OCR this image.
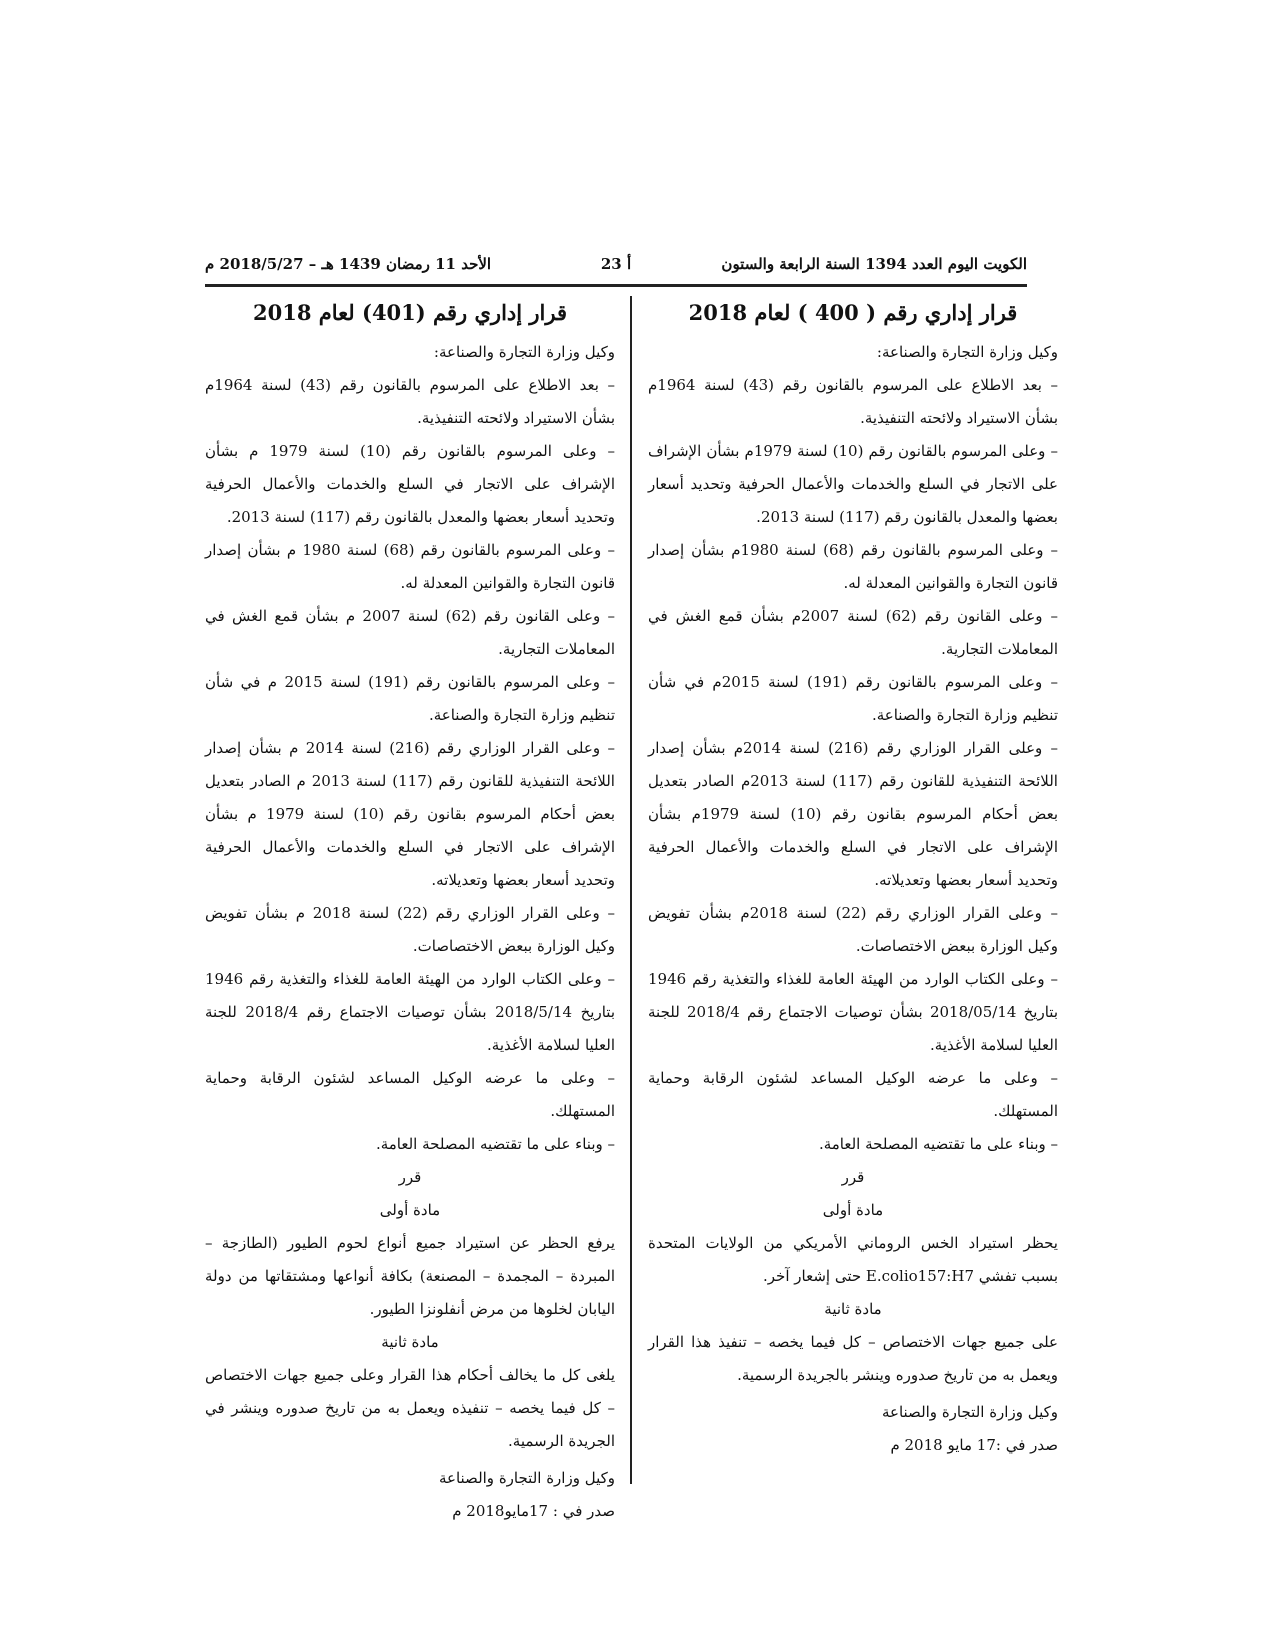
الكويت اليوم العدد 1394 السنة الرابعة والستون
أ 23
الأحد 11 رمضان 1439 هـ – 2018/5/27 م
قرار إداري رقم ( 400 ) لعام 2018

وكيل وزارة التجارة والصناعة:

– بعد الاطلاع على المرسوم بالقانون رقم (43) لسنة 1964م بشأن الاستيراد ولائحته التنفيذية.

– وعلى المرسوم بالقانون رقم (10) لسنة 1979م بشأن الإشراف على الاتجار في السلع والخدمات والأعمال الحرفية وتحديد أسعار بعضها والمعدل بالقانون رقم (117) لسنة 2013.

– وعلى المرسوم بالقانون رقم (68) لسنة 1980م بشأن إصدار قانون التجارة والقوانين المعدلة له.

– وعلى القانون رقم (62) لسنة 2007م بشأن قمع الغش في المعاملات التجارية.

– وعلى المرسوم بالقانون رقم (191) لسنة 2015م في شأن تنظيم وزارة التجارة والصناعة.

– وعلى القرار الوزاري رقم (216) لسنة 2014م بشأن إصدار اللائحة التنفيذية للقانون رقم (117) لسنة 2013م الصادر بتعديل بعض أحكام المرسوم بقانون رقم (10) لسنة 1979م بشأن الإشراف على الاتجار في السلع والخدمات والأعمال الحرفية وتحديد أسعار بعضها وتعديلاته.

– وعلى القرار الوزاري رقم (22) لسنة 2018م بشأن تفويض وكيل الوزارة ببعض الاختصاصات.

– وعلى الكتاب الوارد من الهيئة العامة للغذاء والتغذية رقم 1946 بتاريخ 2018/05/14 بشأن توصيات الاجتماع رقم 2018/4 للجنة العليا لسلامة الأغذية.

– وعلى ما عرضه الوكيل المساعد لشئون الرقابة وحماية المستهلك.

– وبناء على ما تقتضيه المصلحة العامة.

قرر

مادة أولى

يحظر استيراد الخس الروماني الأمريكي من الولايات المتحدة بسبب تفشي E.colio157:H7 حتى إشعار آخر.

مادة ثانية

على جميع جهات الاختصاص – كل فيما يخصه – تنفيذ هذا القرار ويعمل به من تاريخ صدوره وينشر بالجريدة الرسمية.

وكيل وزارة التجارة والصناعة

صدر في :17 مايو 2018 م

قرار إداري رقم (401) لعام 2018

وكيل وزارة التجارة والصناعة:

– بعد الاطلاع على المرسوم بالقانون رقم (43) لسنة 1964م بشأن الاستيراد ولائحته التنفيذية.

– وعلى المرسوم بالقانون رقم (10) لسنة 1979 م بشأن الإشراف على الاتجار في السلع والخدمات والأعمال الحرفية وتحديد أسعار بعضها والمعدل بالقانون رقم (117) لسنة 2013.

– وعلى المرسوم بالقانون رقم (68) لسنة 1980 م بشأن إصدار قانون التجارة والقوانين المعدلة له.

– وعلى القانون رقم (62) لسنة 2007 م بشأن قمع الغش في المعاملات التجارية.

– وعلى المرسوم بالقانون رقم (191) لسنة 2015 م في شأن تنظيم وزارة التجارة والصناعة.

– وعلى القرار الوزاري رقم (216) لسنة 2014 م بشأن إصدار اللائحة التنفيذية للقانون رقم (117) لسنة 2013 م الصادر بتعديل بعض أحكام المرسوم بقانون رقم (10) لسنة 1979 م بشأن الإشراف على الاتجار في السلع والخدمات والأعمال الحرفية وتحديد أسعار بعضها وتعديلاته.

– وعلى القرار الوزاري رقم (22) لسنة 2018 م بشأن تفويض وكيل الوزارة ببعض الاختصاصات.

– وعلى الكتاب الوارد من الهيئة العامة للغذاء والتغذية رقم 1946 بتاريخ 2018/5/14 بشأن توصيات الاجتماع رقم 2018/4 للجنة العليا لسلامة الأغذية.

– وعلى ما عرضه الوكيل المساعد لشئون الرقابة وحماية المستهلك.

– وبناء على ما تقتضيه المصلحة العامة.

قرر

مادة أولى

يرفع الحظر عن استيراد جميع أنواع لحوم الطيور (الطازجة – المبردة – المجمدة – المصنعة) بكافة أنواعها ومشتقاتها من دولة اليابان لخلوها من مرض أنفلونزا الطيور.

مادة ثانية

يلغى كل ما يخالف أحكام هذا القرار وعلى جميع جهات الاختصاص – كل فيما يخصه – تنفيذه ويعمل به من تاريخ صدوره وينشر في الجريدة الرسمية.

وكيل وزارة التجارة والصناعة

صدر في : 17مايو2018 م
